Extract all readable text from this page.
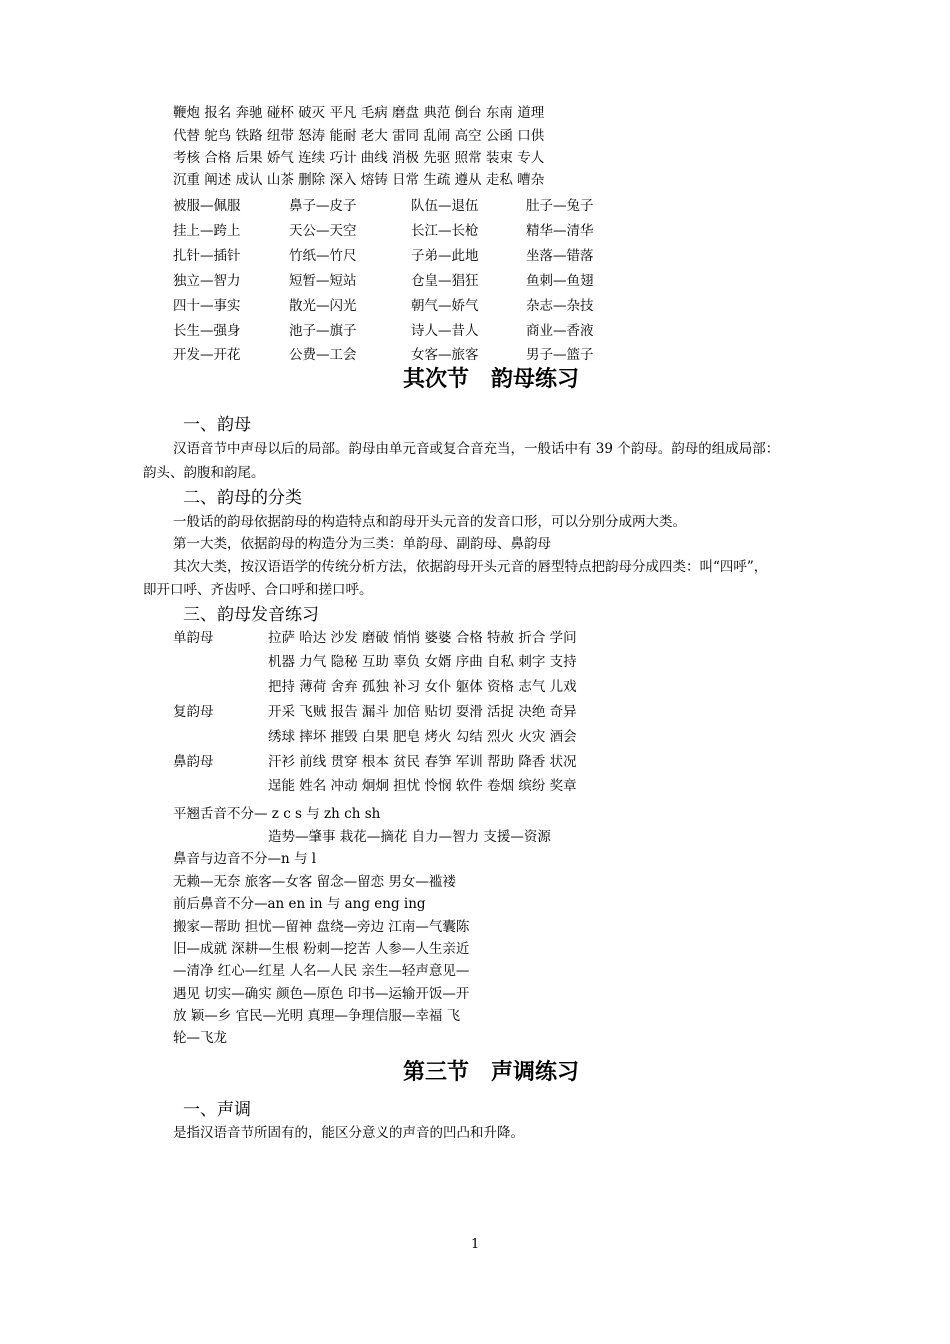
鞭炮 报名 奔驰 碰杯 破灭 平凡 毛病 磨盘 典范 倒台 东南 道理
代替 鸵鸟 铁路 纽带 怒涛 能耐 老大 雷同 乱闹 高空 公函 口供
考核 合格 后果 娇气 连续 巧计 曲线 消极 先驱 照常 装束 专人
沉重 阐述 成认 山茶 删除 深入 熔铸 日常 生疏 遵从 走私 嘈杂
被服—佩服	鼻子—皮子	队伍—退伍	肚子—兔子
挂上—跨上	天公—天空	长江—长枪	精华—清华
扎针—插针	竹纸—竹尺	子弟—此地	坐落—错落
独立—智力	短暂—短站	仓皇—猖狂	鱼刺—鱼翅
四十—事实	散光—闪光	朝气—娇气	杂志—杂技
长生—强身	池子—旗子	诗人—昔人	商业—香液
开发—开花	公费—工会	女客—旅客	男子—篮子
其次节　韵母练习
一、韵母
汉语音节中声母以后的局部。韵母由单元音或复合音充当，一般话中有 39 个韵母。韵母的组成局部：
韵头、韵腹和韵尾。
二、韵母的分类
一般话的韵母依据韵母的构造特点和韵母开头元音的发音口形，可以分别分成两大类。
第一大类，依据韵母的构造分为三类：单韵母、副韵母、鼻韵母
其次大类，按汉语语学的传统分析方法，依据韵母开头元音的唇型特点把韵母分成四类：叫“四呼”，
即开口呼、齐齿呼、合口呼和搓口呼。
三、韵母发音练习
单韵母	拉萨 哈达 沙发 磨破 悄悄 婆婆 合格 特赦 折合 学问
机器 力气 隐秘 互助 辜负 女婿 序曲 自私 刺字 支持
把持 薄荷 舍弃 孤独 补习 女仆 躯体 资格 志气 儿戏
复韵母	开采 飞贼 报告 漏斗 加倍 贴切 耍滑 活捉 决绝 奇异
绣球 摔坏 摧毁 白果 肥皂 烤火 勾结 烈火 火灾 酒会
鼻韵母	汗衫 前线 贯穿 根本 贫民 春笋 军训 帮助 降香 状况
逞能 姓名 冲动 炯炯 担忧 怜悯 软件 卷烟 缤纷 奖章
平翘舌音不分— z c s 与 zh ch sh
造势—肇事 栽花—摘花 自力—智力 支援—资源
鼻音与边音不分—n 与 l
无赖—无奈 旅客—女客 留念—留恋 男女—褴褛
前后鼻音不分—an en in 与 ang eng ing
搬家—帮助 担忧—留神 盘绕—旁边 江南—气囊陈
旧—成就 深耕—生根 粉刺—挖苦 人参—人生亲近
—清净 红心—红星 人名—人民 亲生—轻声意见—
遇见 切实—确实 颜色—原色 印书—运输开饭—开
放 颖—乡 官民—光明 真理—争理信服—幸福 飞
轮—飞龙
第三节　声调练习
一、声调
是指汉语音节所固有的，能区分意义的声音的凹凸和升降。
1
